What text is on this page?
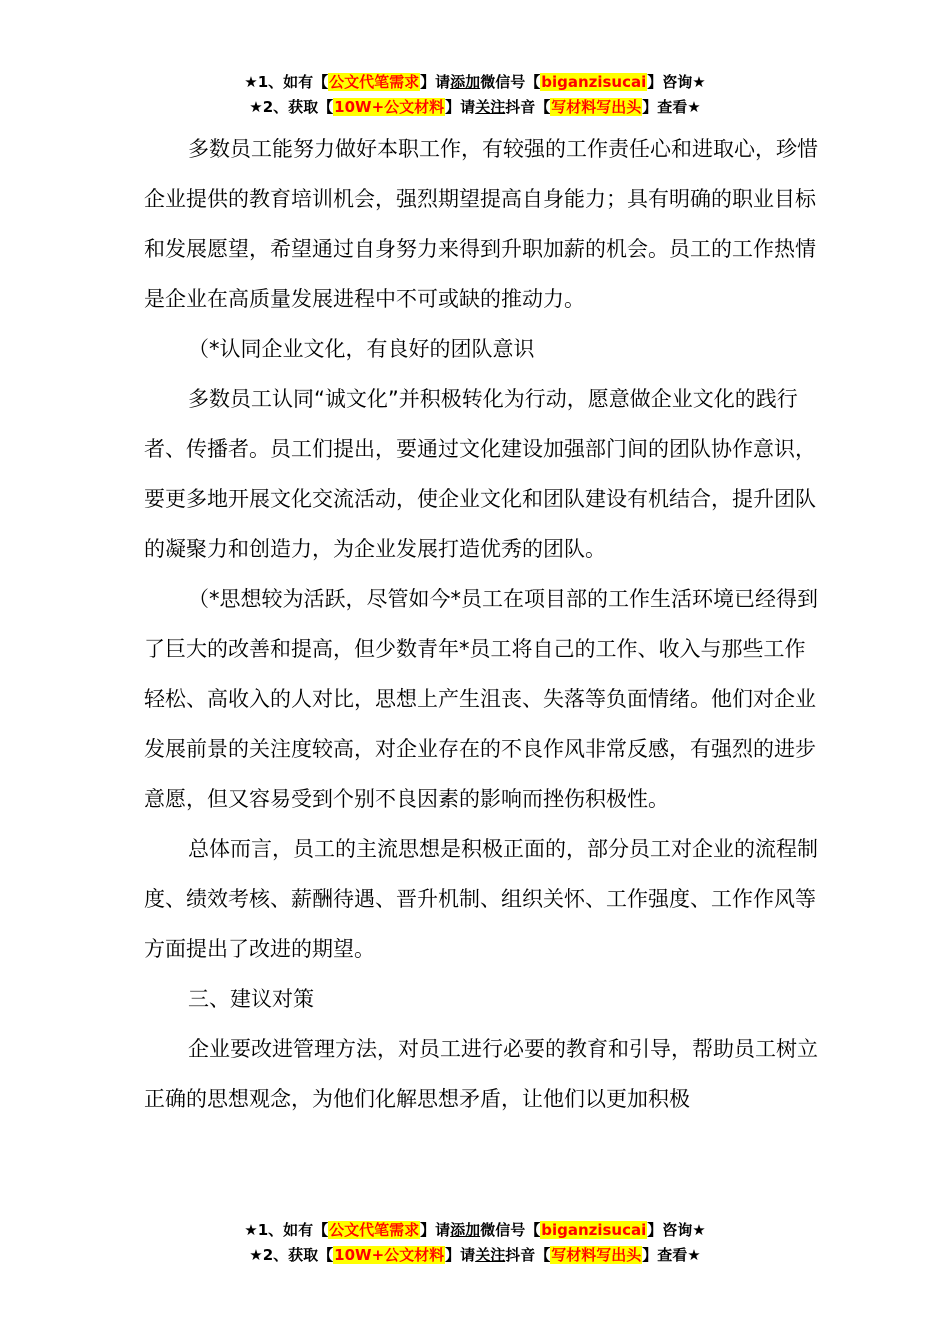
★1、如有【公文代笔需求】请添加微信号【biganzisucai】咨询★
★2、获取【10W+公文材料】请关注抖音【写材料写出头】查看★

多数员工能努力做好本职工作，有较强的工作责任心和进取心，珍惜企业提供的教育培训机会，强烈期望提高自身能力；具有明确的职业目标和发展愿望，希望通过自身努力来得到升职加薪的机会。员工的工作热情是企业在高质量发展进程中不可或缺的推动力。

（*认同企业文化，有良好的团队意识

多数员工认同“诚文化”并积极转化为行动，愿意做企业文化的践行者、传播者。员工们提出，要通过文化建设加强部门间的团队协作意识，要更多地开展文化交流活动，使企业文化和团队建设有机结合，提升团队的凝聚力和创造力，为企业发展打造优秀的团队。

（*思想较为活跃，尽管如今*员工在项目部的工作生活环境已经得到了巨大的改善和提高，但少数青年*员工将自己的工作、收入与那些工作轻松、高收入的人对比，思想上产生沮丧、失落等负面情绪。他们对企业发展前景的关注度较高，对企业存在的不良作风非常反感，有强烈的进步意愿，但又容易受到个别不良因素的影响而挫伤积极性。

总体而言，员工的主流思想是积极正面的，部分员工对企业的流程制度、绩效考核、薪酬待遇、晋升机制、组织关怀、工作强度、工作作风等方面提出了改进的期望。

三、建议对策

企业要改进管理方法，对员工进行必要的教育和引导，帮助员工树立正确的思想观念，为他们化解思想矛盾，让他们以更加积极

★1、如有【公文代笔需求】请添加微信号【biganzisucai】咨询★
★2、获取【10W+公文材料】请关注抖音【写材料写出头】查看★
